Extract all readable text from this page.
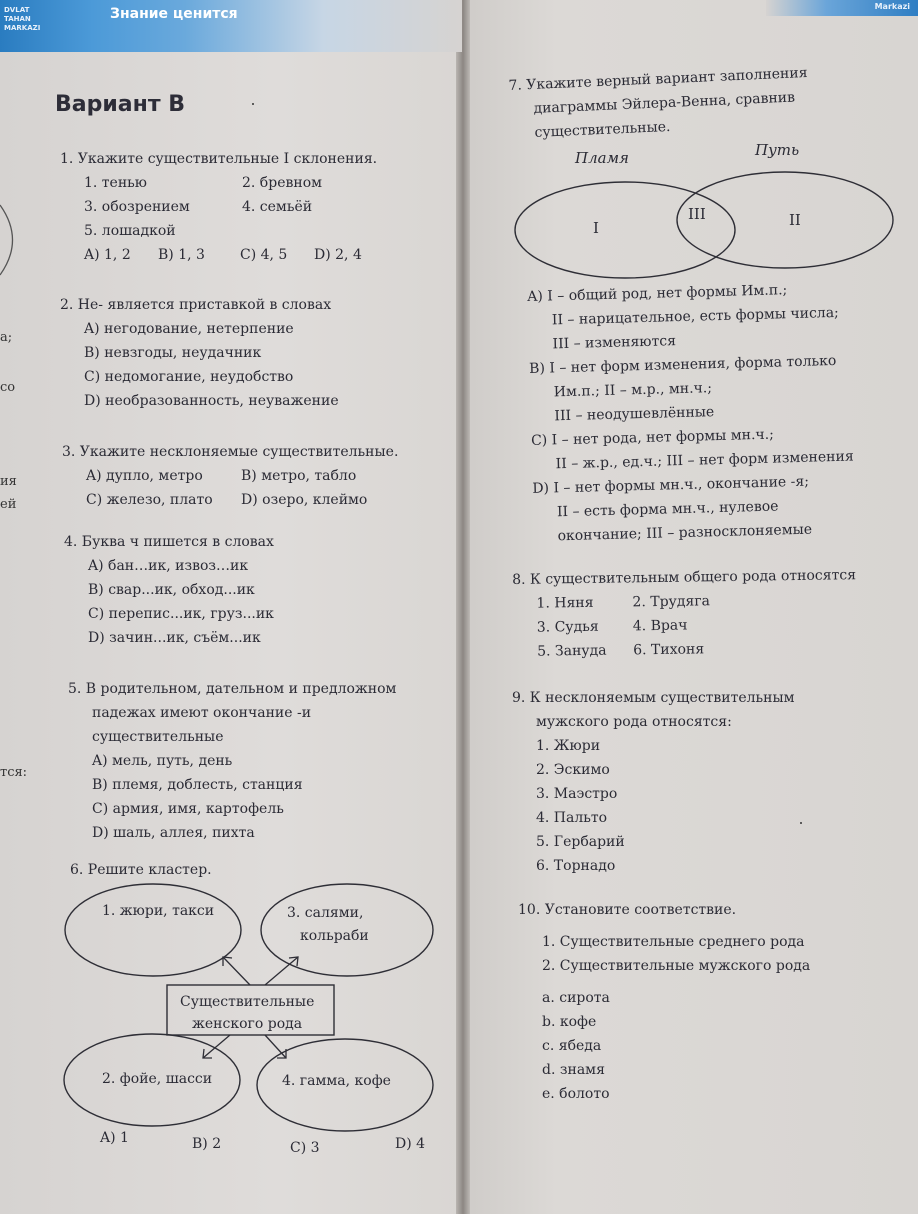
DVLAT
TAHAN
MARKAZI
Знание ценится	Markazi
а;
со
ия
ей
тся:
Вариант В
1. Укажите существительные I склонения.
1. тенью	2. бревном
3. обозрением	4. семьёй
5. лошадкой
A) 1, 2 B) 1, 3	C) 4, 5 D) 2, 4
2. Не- является приставкой в словах
A) негодование, нетерпение
B) невзгоды, неудачник
C) недомогание, неудобство
D) необразованность, неуважение
3. Укажите несклоняемые существительные.
A) дупло, метро	B) метро, табло
C) железо, плато D) озеро, клеймо
4. Буква ч пишется в словах
A) бан…ик, извоз…ик
B) свар...ик, обход...ик
C) перепис...ик, груз...ик
D) зачин...ик, съём...ик
5. В родительном, дательном и предложном
падежах имеют окончание -и
существительные
A) мель, путь, день
B) племя, доблесть, станция
C) армия, имя, картофель
D) шаль, аллея, пихта
6. Решите кластер.
1. жюри, такси	3. салями,
кольраби
Существительные
женского рода
2. фойе, шасси	4. гамма, кофе
A) 1	B) 2	C) 3	D) 4
7. Укажите верный вариант заполнения
диаграммы Эйлера-Венна, сравнив
существительные.
Пламя	Путь
I	II
III
A) I – общий род, нет формы Им.п.;
II – нарицательное, есть формы числа;
III – изменяются
B) I – нет форм изменения, форма только
Им.п.; II – м.р., мн.ч.;
III – неодушевлённые
C) I – нет рода, нет формы мн.ч.;
II – ж.р., ед.ч.; III – нет форм изменения
D) I – нет формы мн.ч., окончание -я;
II – есть форма мн.ч., нулевое
окончание; III – разносклоняемые
8. К существительным общего рода относятся
1. Няня	2. Трудяга
3. Судья 4. Врач
5. Зануда 6. Тихоня
9. К несклоняемым существительным
мужского рода относятся:
1. Жюри
2. Эскимо
3. Маэстро
4. Пальто
5. Гербарий
6. Торнадо
10. Установите соответствие.
1. Существительные среднего рода
2. Существительные мужского рода
a. сирота
b. кофе
c. ябеда
d. знамя
e. болото
